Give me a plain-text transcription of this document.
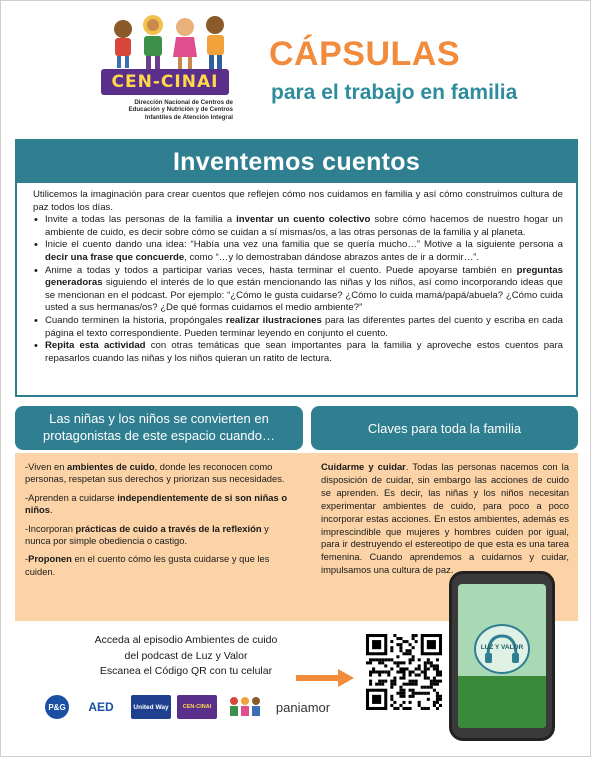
CEN-CINAI
Dirección Nacional de Centros de Educación y Nutrición y de Centros Infantiles de Atención Integral
CÁPSULAS
para el trabajo en familia
Inventemos cuentos

Utilicemos la imaginación para crear cuentos que reflejen cómo nos cuidamos en familia y así cómo construimos cultura de paz todos los días.

• Invite a todas las personas de la familia a inventar un cuento colectivo sobre cómo hacemos de nuestro hogar un ambiente de cuido, es decir sobre cómo se cuidan a sí mismas/os, a las otras personas de la familia y al planeta.
• Inicie el cuento dando una idea: “Había una vez una familia que se quería mucho…” Motive a la siguiente persona a decir una frase que concuerde, como “…y lo demostraban dándose abrazos antes de ir a dormir…”.
• Anime a todas y todos a participar varias veces, hasta terminar el cuento. Puede apoyarse también en preguntas generadoras siguiendo el interés de lo que están mencionando las niñas y los niños, así como incorporando ideas que se mencionan en el podcast. Por ejemplo: “¿Cómo le gusta cuidarse? ¿Cómo lo cuida mamá/papá/abuela? ¿Cómo cuida usted a sus hermanas/os? ¿De qué formas cuidamos el medio ambiente?”
• Cuando terminen la historia, propóngales realizar ilustraciones para las diferentes partes del cuento y escriba en cada página el texto correspondiente. Pueden terminar leyendo en conjunto el cuento.
• Repita esta actividad con otras temáticas que sean importantes para la familia y aproveche estos cuentos para repasarlos cuando las niñas y los niños quieran un ratito de lectura.
Las niñas y los niños se convierten en protagonistas de este espacio cuando…	Claves para toda la familia

-Viven en ambientes de cuido, donde les reconocen como personas, respetan sus derechos y priorizan sus necesidades.

-Aprenden a cuidarse independientemente de si son niñas o niños.

-Incorporan prácticas de cuido a través de la reflexión y nunca por simple obediencia o castigo.

-Proponen en el cuento cómo les gusta cuidarse y que les cuiden.

Cuidarme y cuidar. Todas las personas nacemos con la disposición de cuidar, sin embargo las acciones de cuido se aprenden. Es decir, las niñas y los niños necesitan experimentar ambientes de cuido, para poco a poco incorporar estas acciones. En estos ambientes, además es imprescindible que mujeres y hombres cuiden por igual, para ir destruyendo el estereotipo de que esta es una tarea femenina. Cuando aprendemos a cuidarnos y cuidar, impulsamos una cultura de paz.
LUZ Y VALOR
Acceda al episodio Ambientes de cuido
del podcast de Luz y Valor
Escanea el Código QR con tu celular
P&G	AED	United Way	CEN-CINAI	paniamor
